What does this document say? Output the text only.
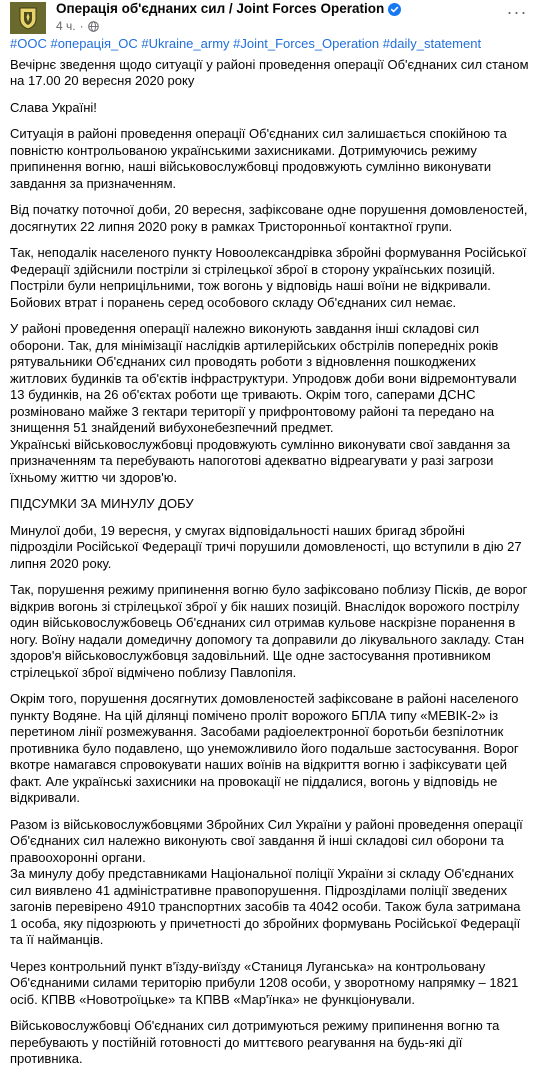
Операція об'єднаних сил / Joint Forces Operation
4 ч. ·
···
#ООС #операція_ОС #Ukraine_army #Joint_Forces_Operation #daily_statement
Вечірнє зведення щодо ситуації у районі проведення операції Об'єднаних сил станом на 17.00 20 вересня 2020 року
Слава Україні!
Ситуація в районі проведення операції Об'єднаних сил залишається спокійною та повністю контрольованою українськими захисниками. Дотримуючись режиму припинення вогню, наші військовослужбовці продовжують сумлінно виконувати завдання за призначенням.
Від початку поточної доби, 20 вересня, зафіксоване одне порушення домовленостей, досягнутих 22 липня 2020 року в рамках Тристоронньої контактної групи.
Так, неподалік населеного пункту Новоолександрівка збройні формування Російської Федерації здійснили постріли зі стрілецької зброї в сторону українських позицій. Постріли були неприцільними, тож вогонь у відповідь наші воїни не відкривали.
Бойових втрат і поранень серед особового складу Об'єднаних сил немає.
У районі проведення операції належно виконують завдання інші складові сил оборони. Так, для мінімізації наслідків артилерійських обстрілів попередніх років рятувальники Об'єднаних сил проводять роботи з відновлення пошкоджених житлових будинків та об'єктів інфраструктури. Упродовж доби вони відремонтували 13 будинків, на 26 об'єктах роботи ще тривають. Окрім того, саперами ДСНС розміновано майже 3 гектари території у прифронтовому районі та передано на знищення 51 знайдений вибухонебезпечний предмет.
Українські військовослужбовці продовжують сумлінно виконувати свої завдання за призначенням та перебувають напоготові адекватно відреагувати у разі загрози їхньому життю чи здоров'ю.
ПІДСУМКИ ЗА МИНУЛУ ДОБУ
Минулої доби, 19 вересня, у смугах відповідальності наших бригад збройні підрозділи Російської Федерації тричі порушили домовленості, що вступили в дію 27 липня 2020 року.
Так, порушення режиму припинення вогню було зафіксовано поблизу Пісків, де ворог відкрив вогонь зі стрілецької зброї у бік наших позицій. Внаслідок ворожого пострілу один військовослужбовець Об'єднаних сил отримав кульове наскрізне поранення в ногу. Воїну надали домедичну допомогу та доправили до лікувального закладу. Стан здоров'я військовослужбовця задовільний. Ще одне застосування противником стрілецької зброї відмічено поблизу Павлопіля.
Окрім того, порушення досягнутих домовленостей зафіксоване в районі населеного пункту Водяне. На цій ділянці помічено проліт ворожого БПЛА типу «МЕВІК-2» із перетином лінії розмежування. Засобами радіоелектронної боротьби безпілотник противника було подавлено, що унеможливило його подальше застосування. Ворог вкотре намагався спровокувати наших воїнів на відкриття вогню і зафіксувати цей факт. Але українські захисники на провокації не піддалися, вогонь у відповідь не відкривали.
Разом із військовослужбовцями Збройних Сил України у районі проведення операції Об'єднаних сил належно виконують свої завдання й інші складові сил оборони та правоохоронні органи.
За минулу добу представниками Національної поліції України зі складу Об'єднаних сил виявлено 41 адміністративне правопорушення. Підрозділами поліції зведених загонів перевірено 4910 транспортних засобів та 4042 особи. Також була затримана 1 особа, яку підозрюють у причетності до збройних формувань Російської Федерації та її найманців.
Через контрольний пункт в'їзду-виїзду «Станиця Луганська» на контрольовану Об'єднаними силами територію прибули 1208 особи, у зворотному напрямку – 1821 осіб. КПВВ «Новотроїцьке» та КПВВ «Мар'їнка» не функціонували.
Військовослужбовці Об'єднаних сил дотримуються режиму припинення вогню та перебувають у постійній готовності до миттєвого реагування на будь-які дії противника.
